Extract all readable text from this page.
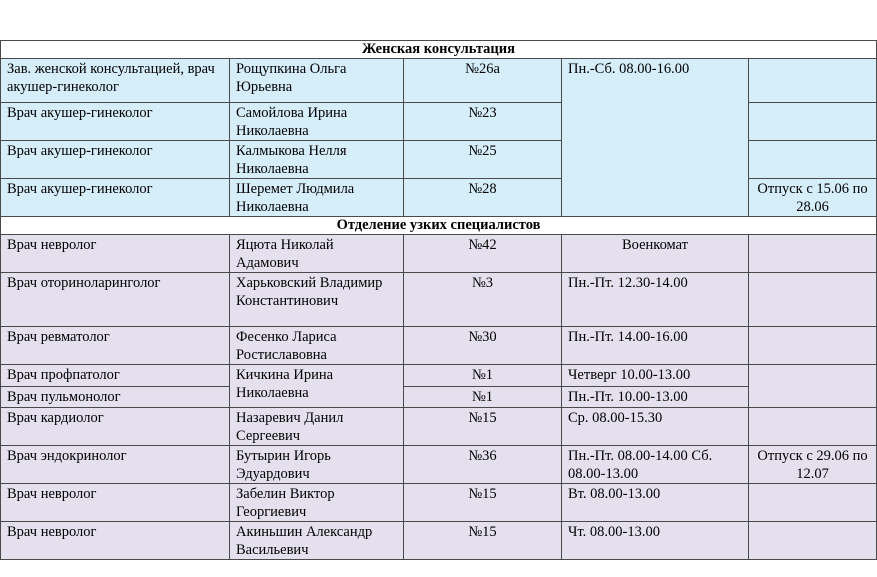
Женская консультация				
Зав. женской консультацией, врач акушер-гинеколог	Рощупкина Ольга Юрьевна	№26а	Пн.-Сб. 08.00-16.00	
Врач акушер-гинеколог	Самойлова Ирина Николаевна	№23		
Врач акушер-гинеколог	Калмыкова Нелля Николаевна	№25		
Врач акушер-гинеколог	Шеремет Людмила Николаевна	№28		Отпуск с 15.06 по 28.06
Отделение узких специалистов				
Врач невролог	Яцюта Николай Адамович	№42	Военкомат	
Врач оториноларинголог	Харьковский Владимир Константинович	№3	Пн.-Пт. 12.30-14.00	
Врач ревматолог	Фесенко Лариса Ростиславовна	№30	Пн.-Пт. 14.00-16.00	
Врач профпатолог	Кичкина Ирина Николаевна	№1	Четверг 10.00-13.00	
Врач пульмонолог		№1	Пн.-Пт. 10.00-13.00	
Врач кардиолог	Назаревич Данил Сергеевич	№15	Ср. 08.00-15.30	
Врач эндокринолог	Бутырин Игорь Эдуардович	№36	Пн.-Пт. 08.00-14.00 Сб. 08.00-13.00	Отпуск с 29.06 по 12.07
Врач невролог	Забелин Виктор Георгиевич	№15	Вт. 08.00-13.00	
Врач невролог	Акиньшин Александр Васильевич	№15	Чт. 08.00-13.00	
